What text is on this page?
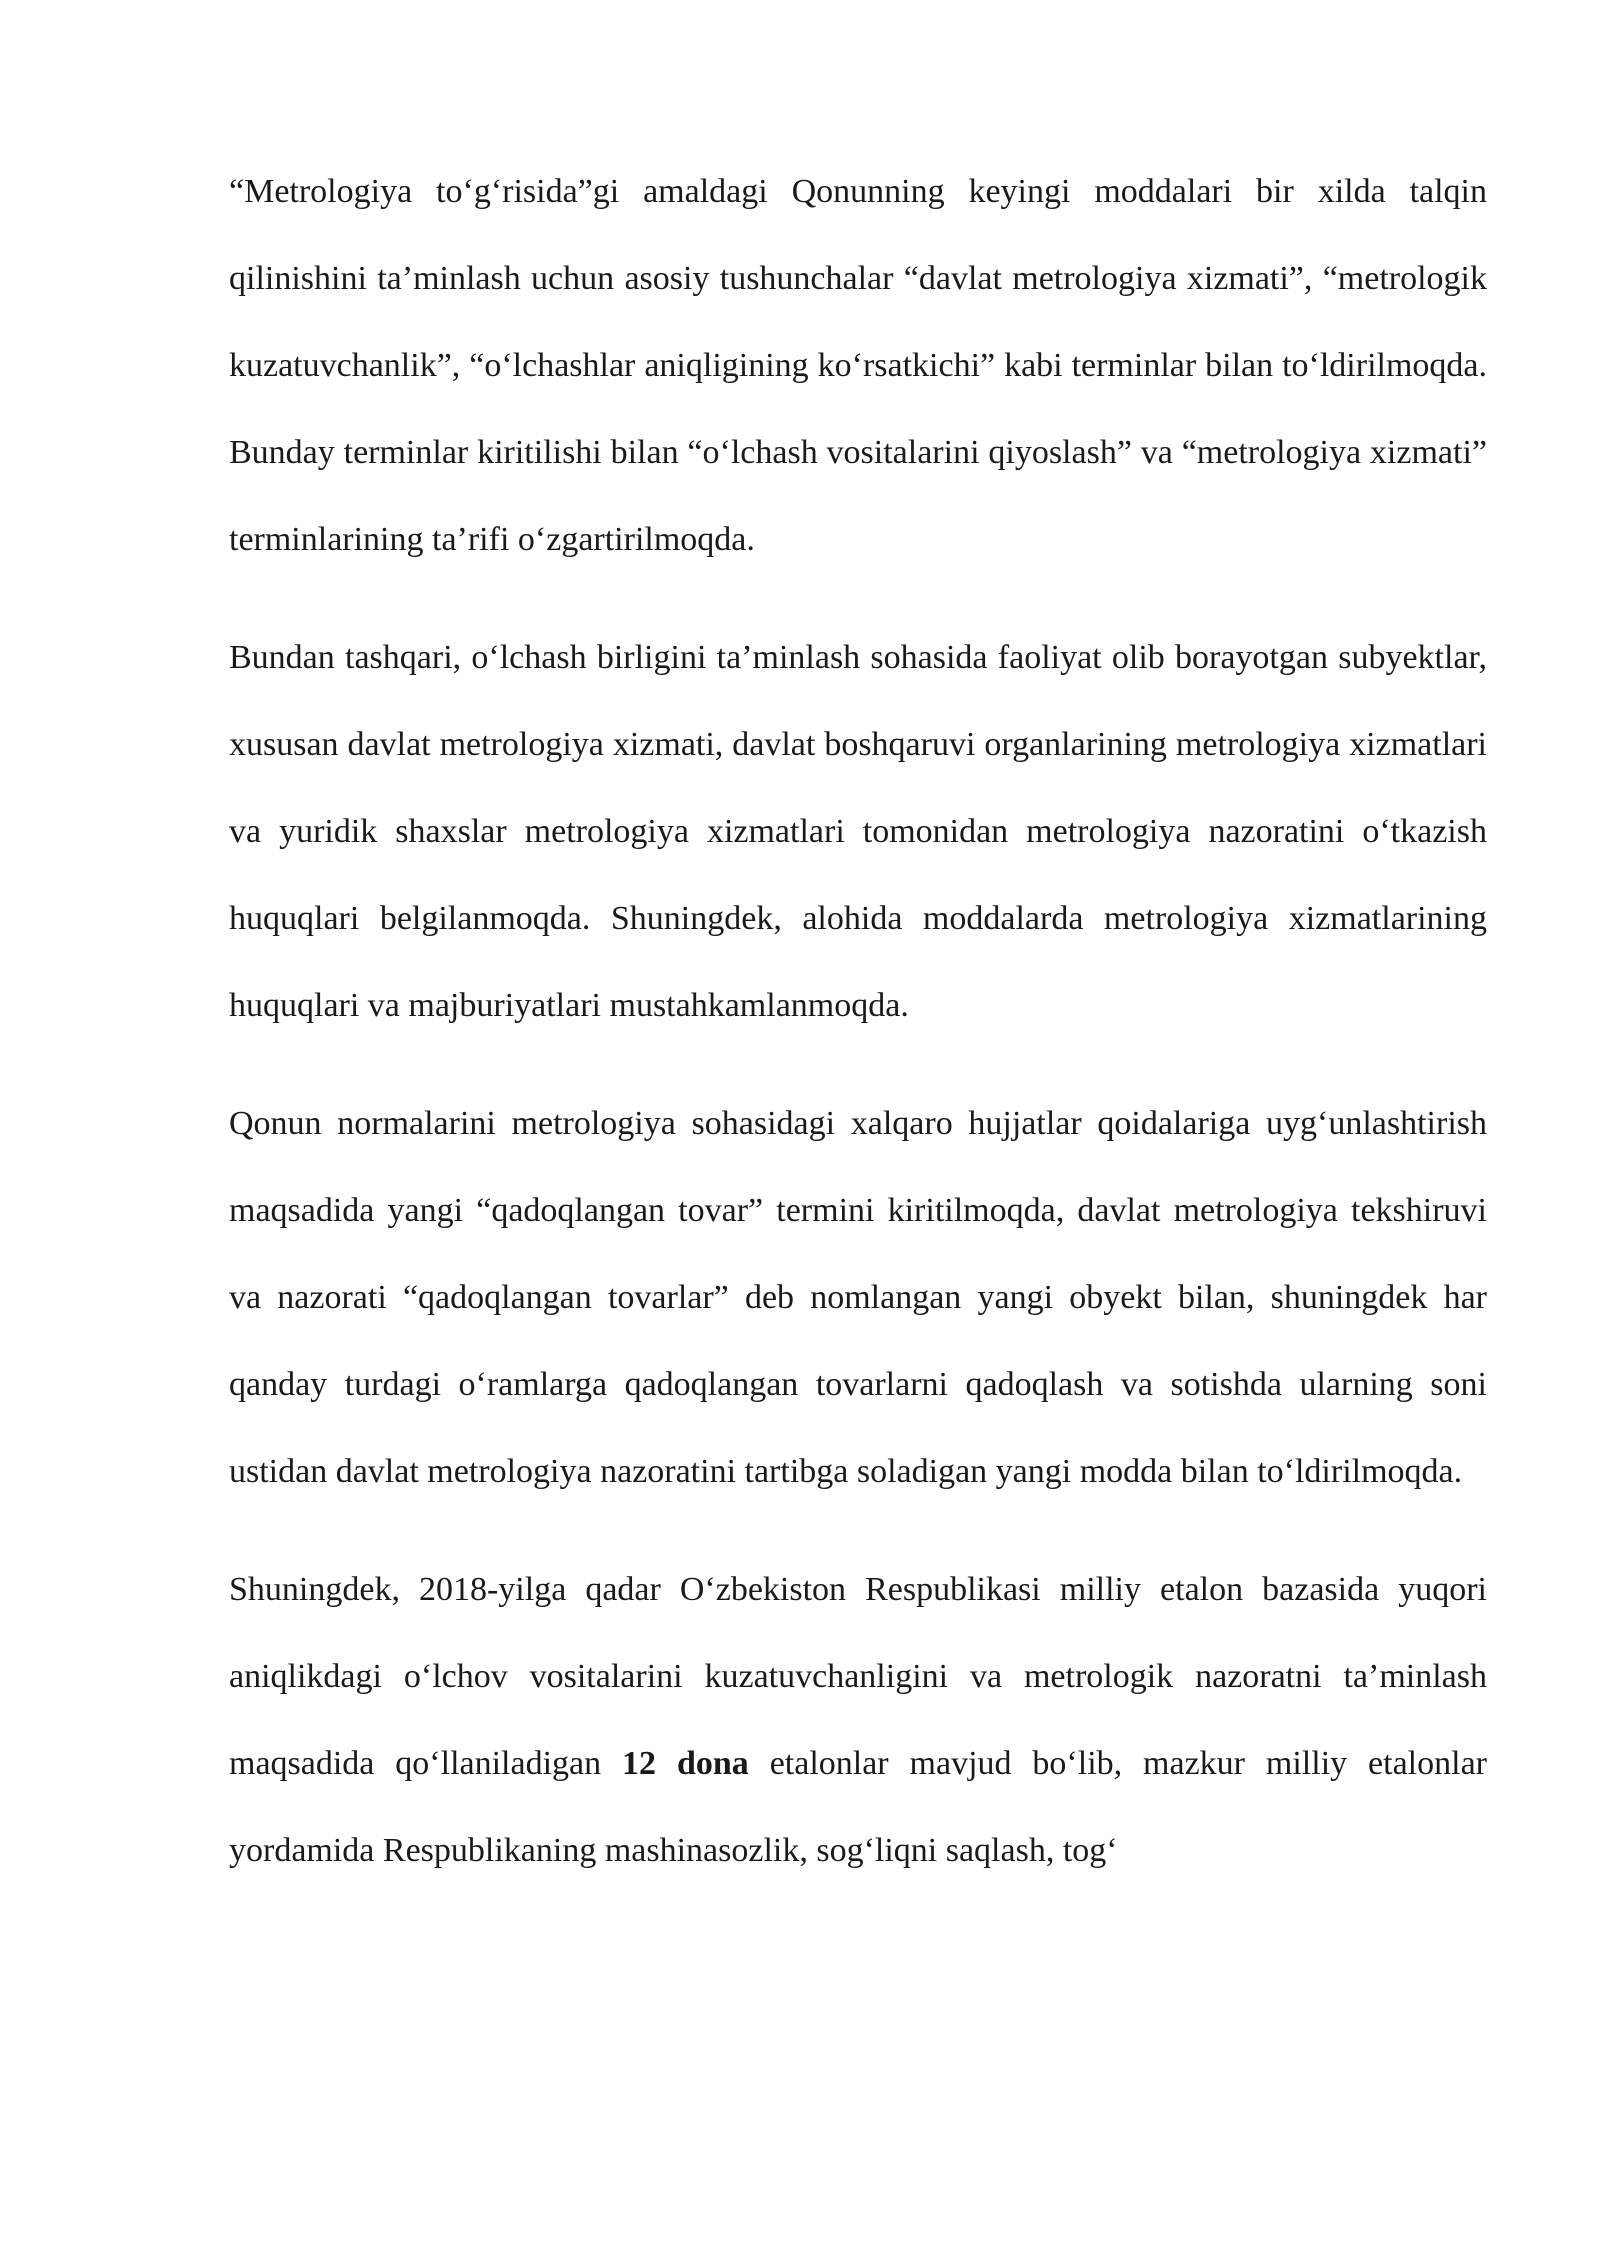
“Metrologiya to‘g‘risida”gi amaldagi Qonunning keyingi moddalari bir xilda talqin qilinishini ta’minlash uchun asosiy tushunchalar “davlat metrologiya xizmati”, “metrologik kuzatuvchanlik”, “o‘lchashlar aniqligining ko‘rsatkichi” kabi terminlar bilan to‘ldirilmoqda. Bunday terminlar kiritilishi bilan “o‘lchash vositalarini qiyoslash” va “metrologiya xizmati” terminlarining ta’rifi o‘zgartirilmoqda.

Bundan tashqari, o‘lchash birligini ta’minlash sohasida faoliyat olib borayotgan subyektlar, xususan davlat metrologiya xizmati, davlat boshqaruvi organlarining metrologiya xizmatlari va yuridik shaxslar metrologiya xizmatlari tomonidan metrologiya nazoratini o‘tkazish huquqlari belgilanmoqda. Shuningdek, alohida moddalarda metrologiya xizmatlarining huquqlari va majburiyatlari mustahkamlanmoqda.

Qonun normalarini metrologiya sohasidagi xalqaro hujjatlar qoidalariga uyg‘unlashtirish maqsadida yangi “qadoqlangan tovar” termini kiritilmoqda, davlat metrologiya tekshiruvi va nazorati “qadoqlangan tovarlar” deb nomlangan yangi obyekt bilan, shuningdek har qanday turdagi o‘ramlarga qadoqlangan tovarlarni qadoqlash va sotishda ularning soni ustidan davlat metrologiya nazoratini tartibga soladigan yangi modda bilan to‘ldirilmoqda.

Shuningdek, 2018-yilga qadar O‘zbekiston Respublikasi milliy etalon bazasida yuqori aniqlikdagi o‘lchov vositalarini kuzatuvchanligini va metrologik nazoratni ta’minlash maqsadida qo‘llaniladigan 12 dona etalonlar mavjud bo‘lib, mazkur milliy etalonlar yordamida Respublikaning mashinasozlik, sog‘liqni saqlash, tog‘
